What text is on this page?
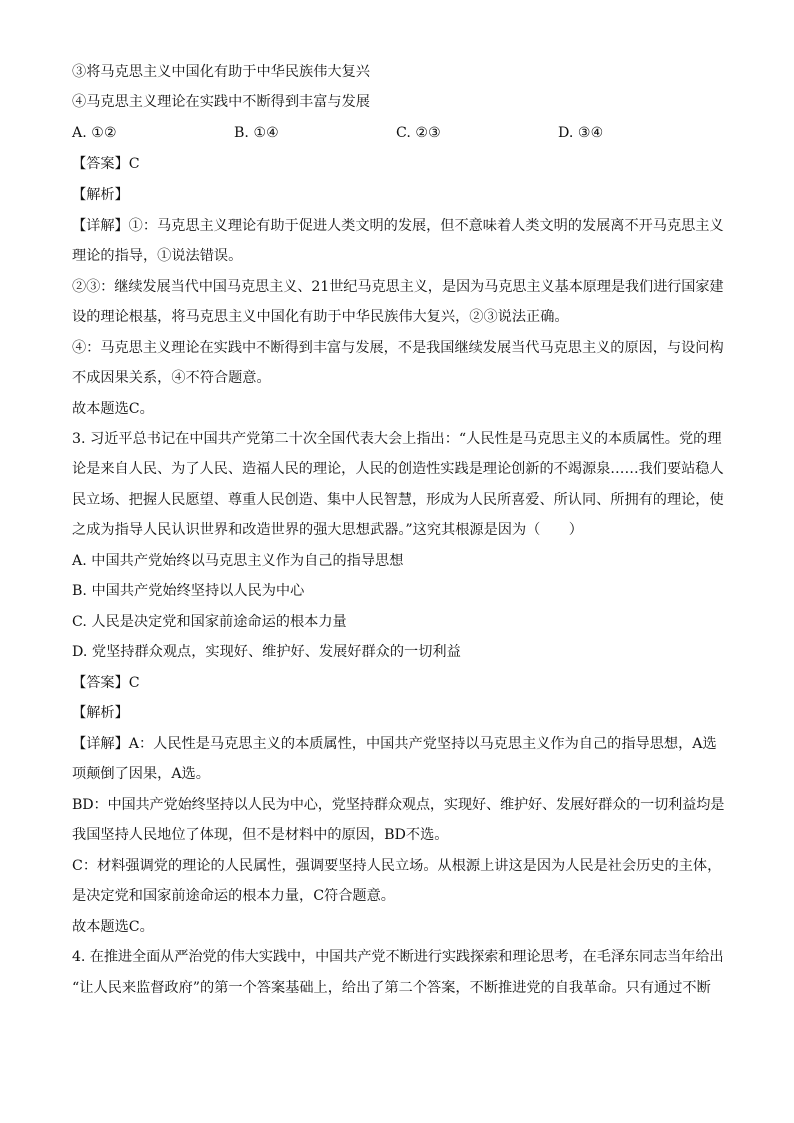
③将马克思主义中国化有助于中华民族伟大复兴
④马克思主义理论在实践中不断得到丰富与发展
A. ①②	B. ①④	C. ②③	D. ③④
【答案】C
【解析】
【详解】①：马克思主义理论有助于促进人类文明的发展，但不意味着人类文明的发展离不开马克思主义
理论的指导，①说法错误。
②③：继续发展当代中国马克思主义、21世纪马克思主义，是因为马克思主义基本原理是我们进行国家建
设的理论根基，将马克思主义中国化有助于中华民族伟大复兴，②③说法正确。
④：马克思主义理论在实践中不断得到丰富与发展，不是我国继续发展当代马克思主义的原因，与设问构
不成因果关系，④不符合题意。
故本题选C。
3. 习近平总书记在中国共产党第二十次全国代表大会上指出：“人民性是马克思主义的本质属性。党的理
论是来自人民、为了人民、造福人民的理论，人民的创造性实践是理论创新的不竭源泉……我们要站稳人
民立场、把握人民愿望、尊重人民创造、集中人民智慧，形成为人民所喜爱、所认同、所拥有的理论，使
之成为指导人民认识世界和改造世界的强大思想武器。”这究其根源是因为（　　）
A. 中国共产党始终以马克思主义作为自己的指导思想
B. 中国共产党始终坚持以人民为中心
C. 人民是决定党和国家前途命运的根本力量
D. 党坚持群众观点，实现好、维护好、发展好群众的一切利益
【答案】C
【解析】
【详解】A：人民性是马克思主义的本质属性，中国共产党坚持以马克思主义作为自己的指导思想，A选
项颠倒了因果，A选。
BD：中国共产党始终坚持以人民为中心，党坚持群众观点，实现好、维护好、发展好群众的一切利益均是
我国坚持人民地位了体现，但不是材料中的原因，BD不选。
C：材料强调党的理论的人民属性，强调要坚持人民立场。从根源上讲这是因为人民是社会历史的主体，
是决定党和国家前途命运的根本力量，C符合题意。
故本题选C。
4. 在推进全面从严治党的伟大实践中，中国共产党不断进行实践探索和理论思考，在毛泽东同志当年给出
“让人民来监督政府”的第一个答案基础上，给出了第二个答案，不断推进党的自我革命。只有通过不断
